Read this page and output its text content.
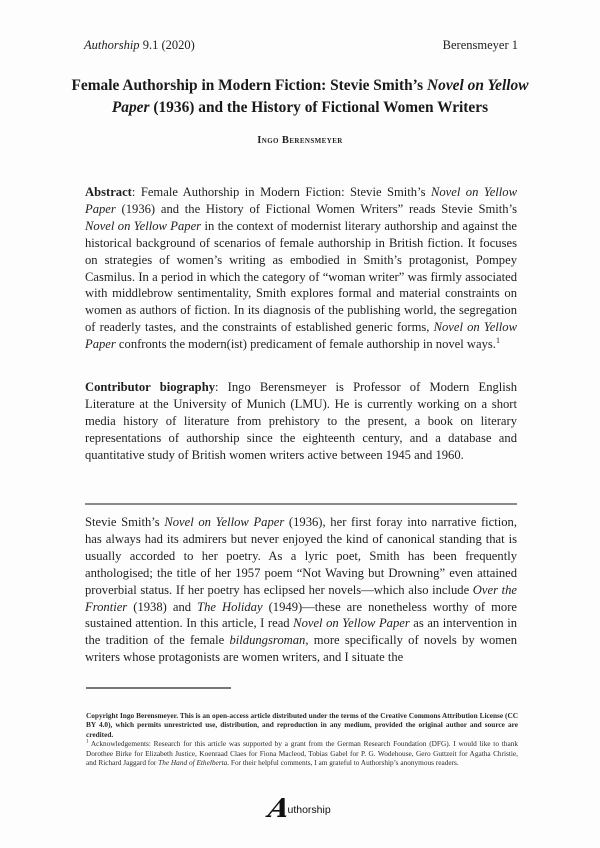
Authorship 9.1 (2020)	Berensmeyer 1
Female Authorship in Modern Fiction: Stevie Smith’s Novel on Yellow Paper (1936) and the History of Fictional Women Writers
Ingo Berensmeyer
Abstract: Female Authorship in Modern Fiction: Stevie Smith’s Novel on Yellow Paper (1936) and the History of Fictional Women Writers” reads Stevie Smith’s Novel on Yellow Paper in the context of modernist literary authorship and against the historical background of scenarios of female authorship in British fiction. It focuses on strategies of women’s writing as embodied in Smith’s protagonist, Pompey Casmilus. In a period in which the category of “woman writer” was firmly associated with middlebrow sentimentality, Smith explores formal and material constraints on women as authors of fiction. In its diagnosis of the publishing world, the segregation of readerly tastes, and the constraints of established generic forms, Novel on Yellow Paper confronts the modern(ist) predicament of female authorship in novel ways.$^1$
Contributor biography: Ingo Berensmeyer is Professor of Modern English Literature at the University of Munich (LMU). He is currently working on a short media history of literature from prehistory to the present, a book on literary representations of authorship since the eighteenth century, and a database and quantitative study of British women writers active between 1945 and 1960.
Stevie Smith’s Novel on Yellow Paper (1936), her first foray into narrative fiction, has always had its admirers but never enjoyed the kind of canonical standing that is usually accorded to her poetry. As a lyric poet, Smith has been frequently anthologised; the title of her 1957 poem “Not Waving but Drowning” even attained proverbial status. If her poetry has eclipsed her novels—which also include Over the Frontier (1938) and The Holiday (1949)—these are nonetheless worthy of more sustained attention. In this article, I read Novel on Yellow Paper as an intervention in the tradition of the female bildungsroman, more specifically of novels by women writers whose protagonists are women writers, and I situate the
Copyright Ingo Berensmeyer. This is an open-access article distributed under the terms of the Creative Commons Attribution License (CC BY 4.0), which permits unrestricted use, distribution, and reproduction in any medium, provided the original author and source are credited.
$^1$ Acknowledgements: Research for this article was supported by a grant from the German Research Foundation (DFG). I would like to thank Dorothee Birke for Elizabeth Justice, Koenraad Claes for Fiona Macleod, Tobias Gabel for P. G. Wodehouse, Gero Guttzeit for Agatha Christie, and Richard Jaggard for The Hand of Ethelberta. For their helpful comments, I am grateful to Authorship’s anonymous readers.
A
uthorship
